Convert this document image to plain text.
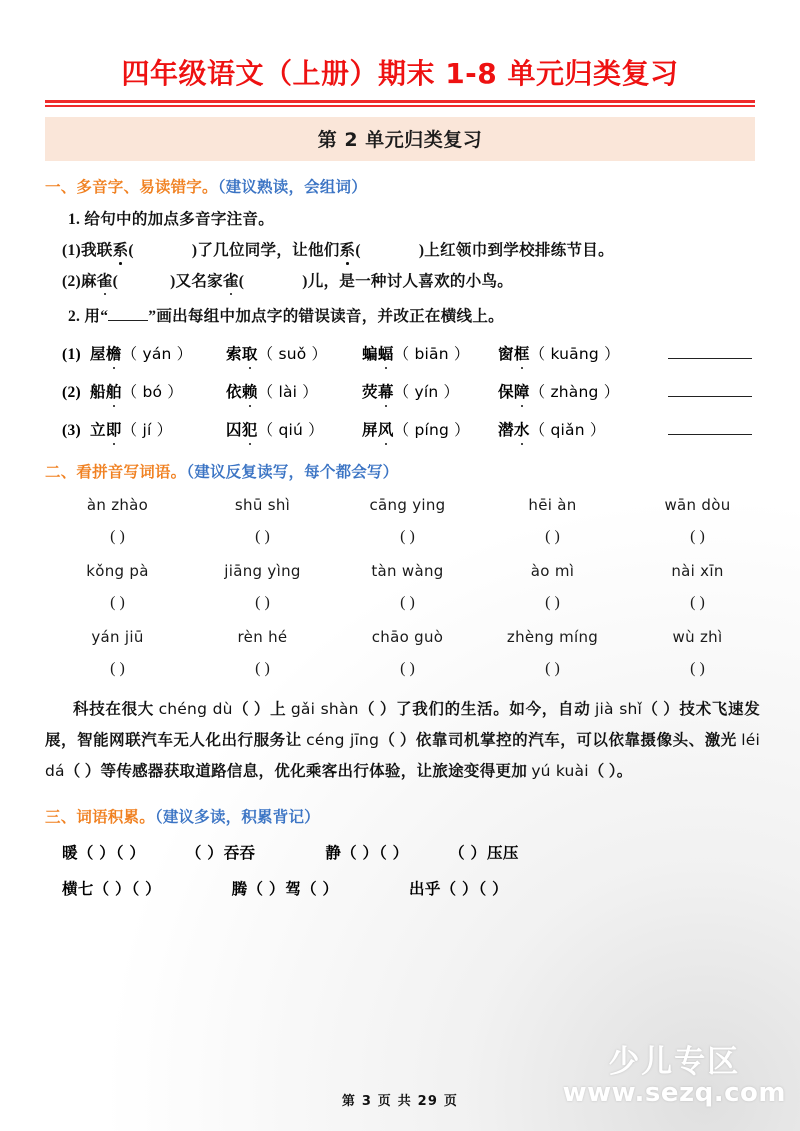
四年级语文（上册）期末 1-8 单元归类复习
第 2 单元归类复习
一、多音字、易读错字。（建议熟读，会组词）
1. 给句中的加点多音字注音。
(1)我联系(	)了几位同学，让他们系(	)上红领巾到学校排练节目。
(2)麻雀(	)又名家雀(	)儿，是一种讨人喜欢的小鸟。
2. 用“	”画出每组中加点字的错误读音，并改正在横线上。
(1) 屋檐（ yán ）	索取（ suǒ ）	蝙蝠（ biān ）	窗框（ kuāng ）
(2) 船舶（ bó ）	依赖（ lài ）	荧幕（ yín ）	保障（ zhàng ）
(3) 立即（ jí ）	囚犯（ qiú ）	屏风（ píng ）	潜水（ qiǎn ）
二、看拼音写词语。（建议反复读写，每个都会写）
àn zhào	shū shì	cāng ying	hēi àn	wān dòu
( )	( )	( )	( )	( )
kǒng pà	jiāng yìng	tàn wàng	ào mì	nài xīn
( )	( )	( )	( )	( )
yán jiū	rèn hé	chāo guò	zhèng míng	wù zhì
( )	( )	( )	( )	( )
科技在很大 chéng dù（ ）上 gǎi shàn（ ）了我们的生活。如今，自动 jià shǐ（ ）技术飞速发展，智能网联汽车无人化出行服务让 céng jīng（ ）依靠司机掌控的汽车，可以依靠摄像头、激光 léi dá（ ）等传感器获取道路信息，优化乘客出行体验，让旅途变得更加 yú kuài（ ）。
三、词语积累。（建议多读，积累背记）
暖（ ）（ ）	（ ）吞吞	静（ ）（ ）	（ ）压压
横七（ ）（ ）	腾（ ）驾（ ）	出乎（ ）（ ）
第 3 页 共 29 页
少儿专区
www.sezq.com
